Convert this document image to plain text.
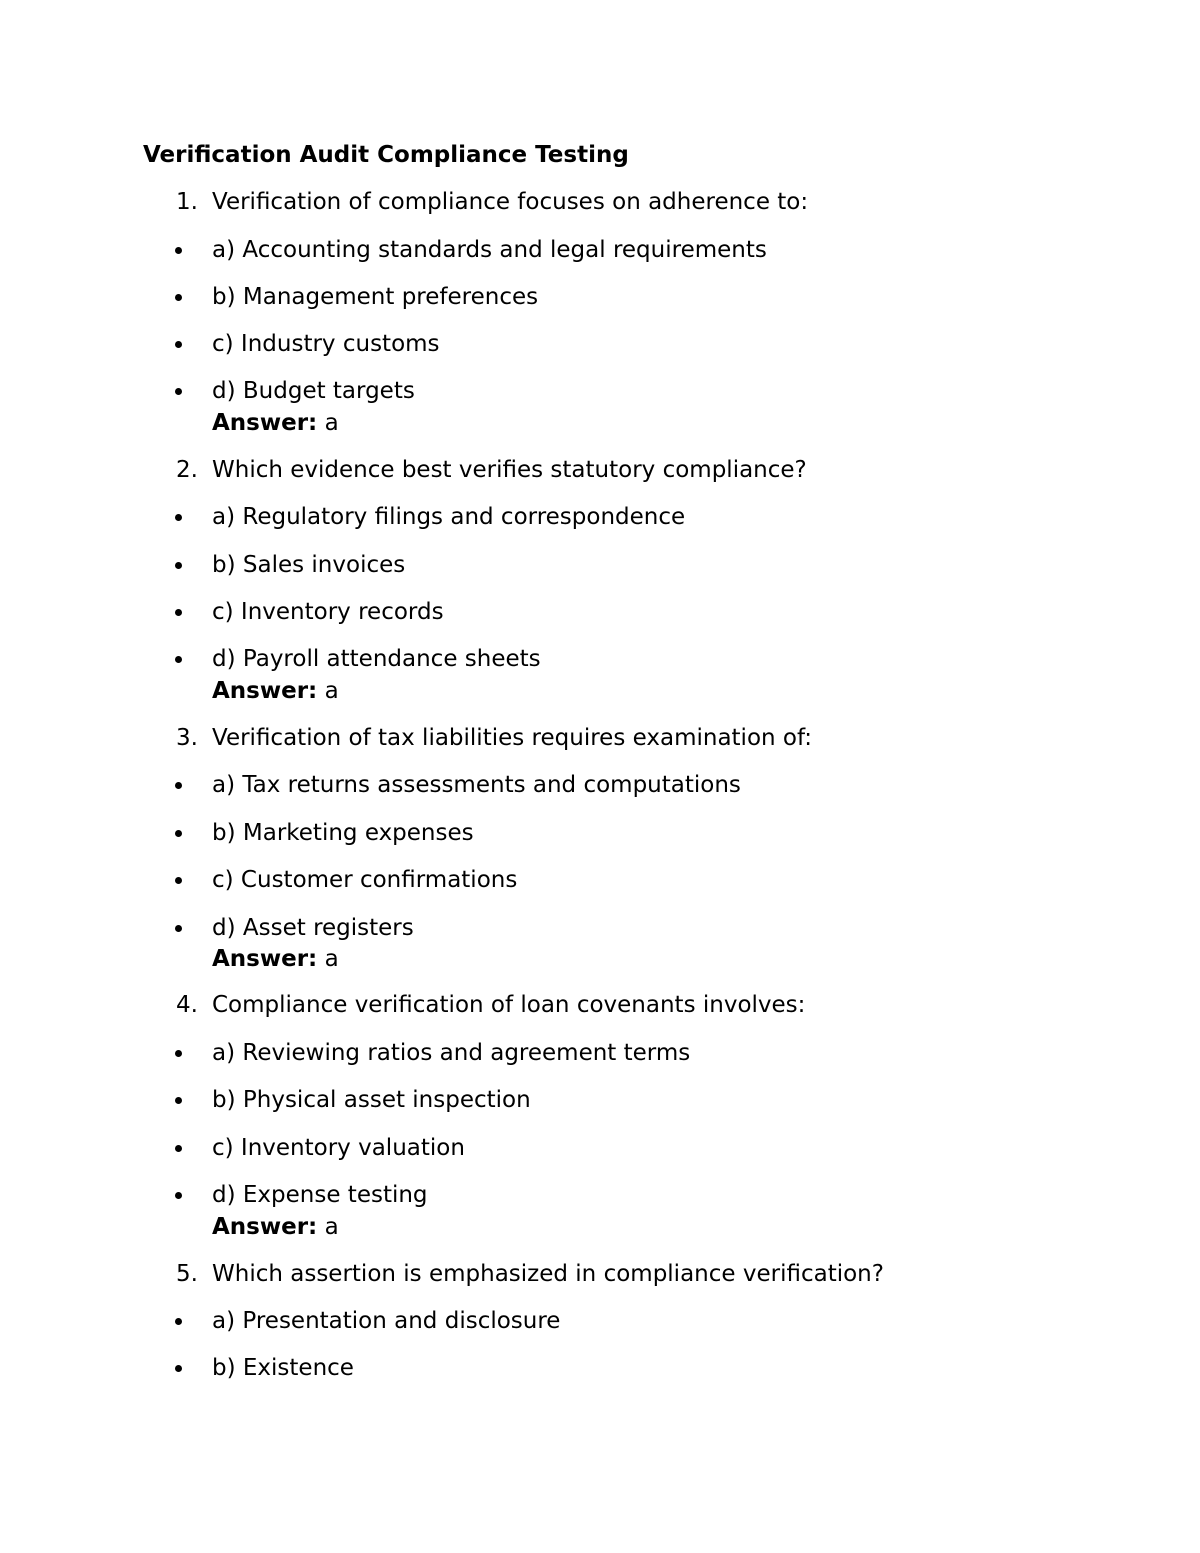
Verification Audit Compliance Testing
1. Verification of compliance focuses on adherence to:
a) Accounting standards and legal requirements
b) Management preferences
c) Industry customs
d) Budget targets
Answer: a
2. Which evidence best verifies statutory compliance?
a) Regulatory filings and correspondence
b) Sales invoices
c) Inventory records
d) Payroll attendance sheets
Answer: a
3. Verification of tax liabilities requires examination of:
a) Tax returns assessments and computations
b) Marketing expenses
c) Customer confirmations
d) Asset registers
Answer: a
4. Compliance verification of loan covenants involves:
a) Reviewing ratios and agreement terms
b) Physical asset inspection
c) Inventory valuation
d) Expense testing
Answer: a
5. Which assertion is emphasized in compliance verification?
a) Presentation and disclosure
b) Existence
